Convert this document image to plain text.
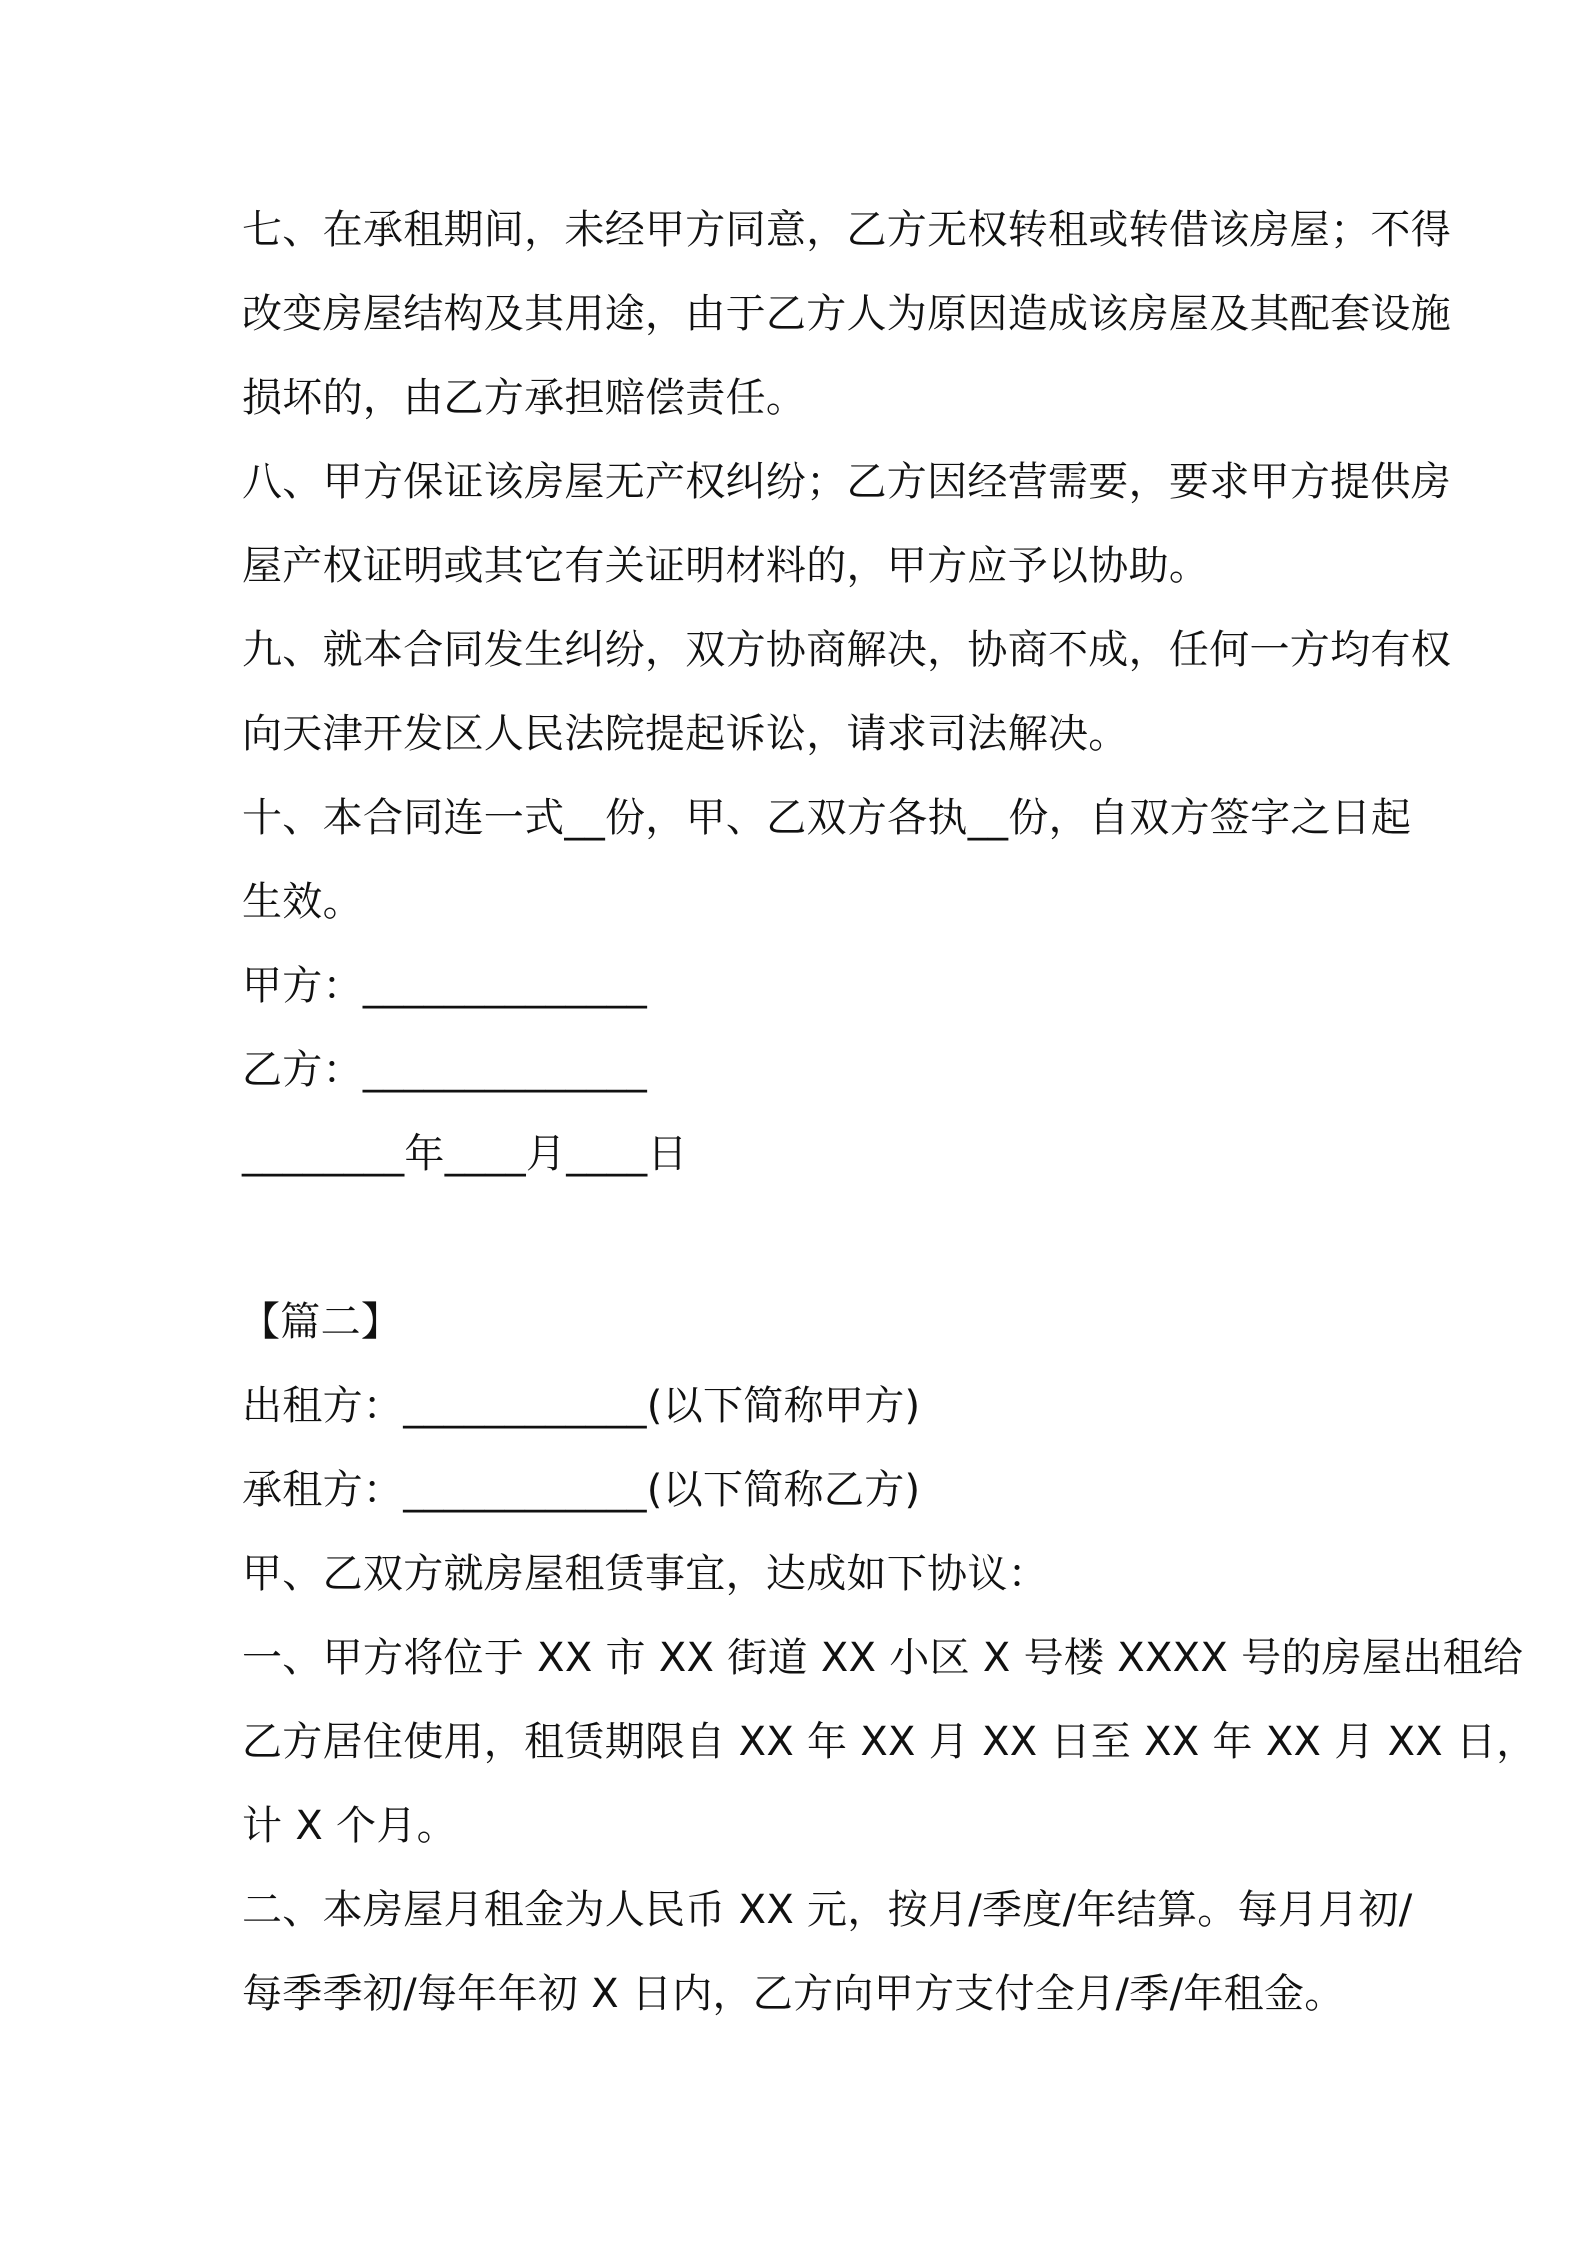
七、在承租期间，未经甲方同意，乙方无权转租或转借该房屋；不得
改变房屋结构及其用途，由于乙方人为原因造成该房屋及其配套设施
损坏的，由乙方承担赔偿责任。
八、甲方保证该房屋无产权纠纷；乙方因经营需要，要求甲方提供房
屋产权证明或其它有关证明材料的，甲方应予以协助。
九、就本合同发生纠纷，双方协商解决，协商不成，任何一方均有权
向天津开发区人民法院提起诉讼，请求司法解决。
十、本合同连一式__份，甲、乙双方各执__份，自双方签字之日起
生效。
甲方：______________
乙方：______________
________年____月____日
【篇二】
出租方：____________(以下简称甲方)
承租方：____________(以下简称乙方)
甲、乙双方就房屋租赁事宜，达成如下协议：
一、甲方将位于 XX 市 XX 街道 XX 小区 X 号楼 XXXX 号的房屋出租给
乙方居住使用，租赁期限自 XX 年 XX 月 XX 日至 XX 年 XX 月 XX 日，
计 X 个月。
二、本房屋月租金为人民币 XX 元，按月/季度/年结算。每月月初/
每季季初/每年年初 X 日内，乙方向甲方支付全月/季/年租金。
